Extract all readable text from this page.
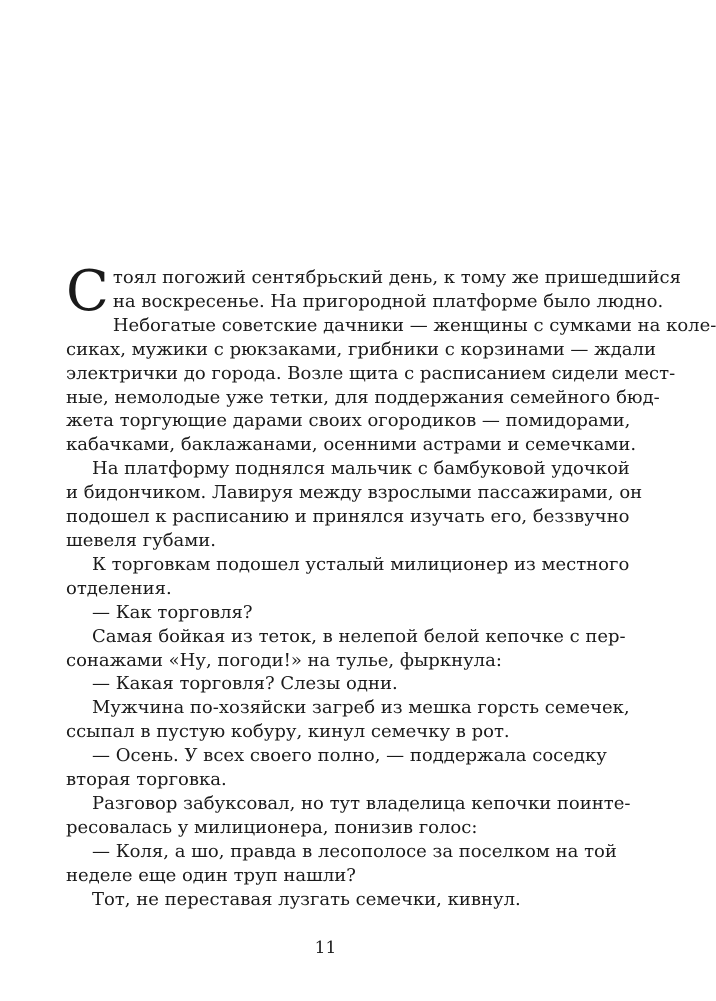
С тоял погожий сентябрьский день, к тому же пришедшийся
на воскресенье. На пригородной платформе было людно.
Небогатые советские дачники — женщины с сумками на коле-
сиках, мужики с рюкзаками, грибники с корзинами — ждали
электрички до города. Возле щита с расписанием сидели мест-
ные, немолодые уже тетки, для поддержания семейного бюд-
жета торгующие дарами своих огородиков — помидорами,
кабачками, баклажанами, осенними астрами и семечками.
На платформу поднялся мальчик с бамбуковой удочкой
и бидончиком. Лавируя между взрослыми пассажирами, он
подошел к расписанию и принялся изучать его, беззвучно
шевеля губами.
К торговкам подошел усталый милиционер из местного
отделения.
— Как торговля?
Самая бойкая из теток, в нелепой белой кепочке с пер-
сонажами «Ну, погоди!» на тулье, фыркнула:
— Какая торговля? Слезы одни.
Мужчина по-хозяйски загреб из мешка горсть семечек,
ссыпал в пустую кобуру, кинул семечку в рот.
— Осень. У всех своего полно, — поддержала соседку
вторая торговка.
Разговор забуксовал, но тут владелица кепочки поинте-
ресовалась у милиционера, понизив голос:
— Коля, а шо, правда в лесополосе за поселком на той
неделе еще один труп нашли?
Тот, не переставая лузгать семечки, кивнул.
11
